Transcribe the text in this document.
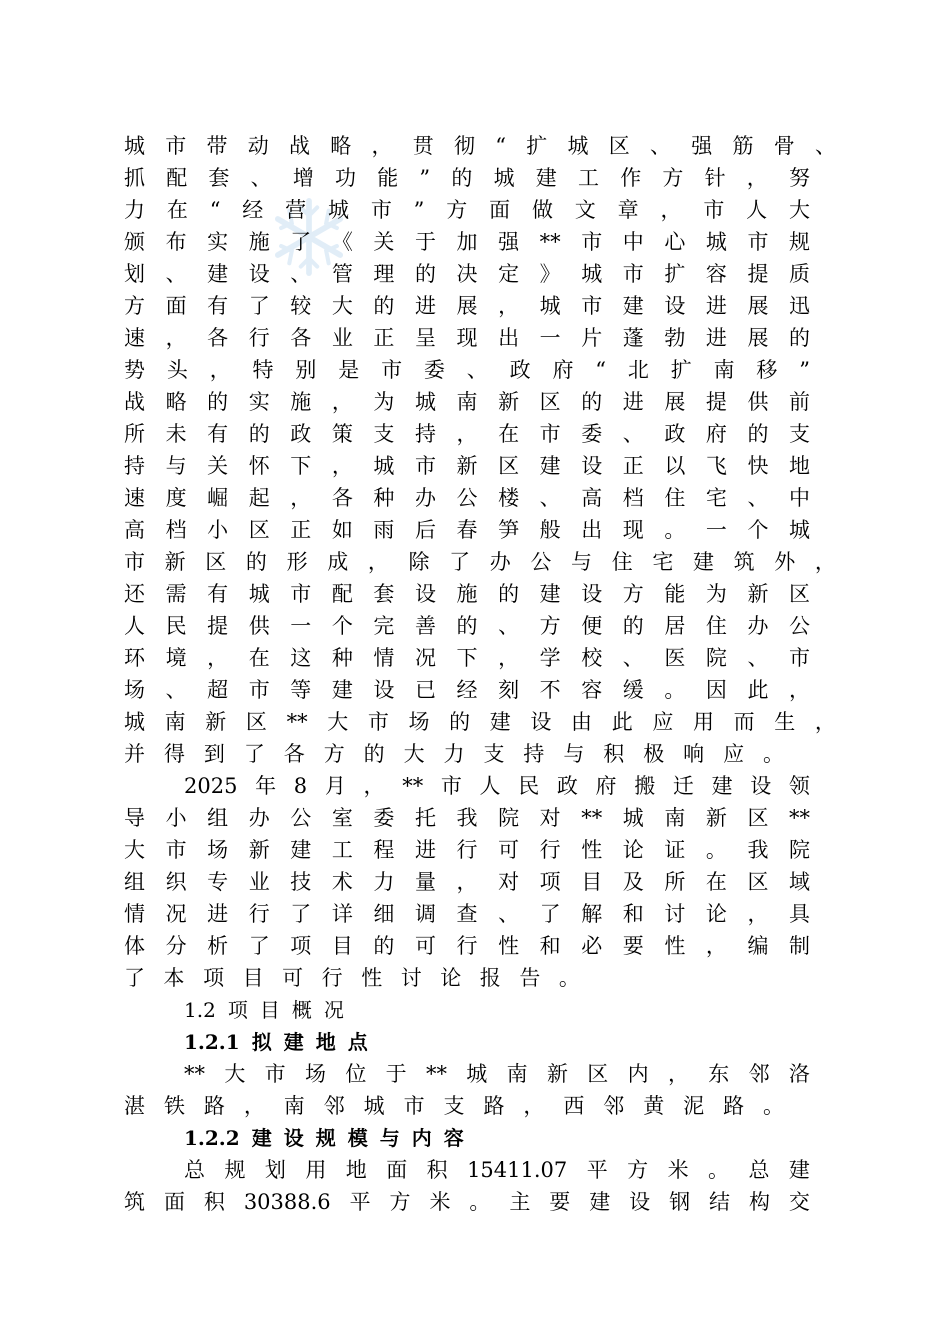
城 市 带 动 战 略 ， 贯 彻 “ 扩 城 区 、 强 筋 骨 、
抓 配 套 、 增 功 能 ” 的 城 建 工 作 方 针 ， 努
力 在 “ 经 营 城 市 ” 方 面 做 文 章 ， 市 人 大
颁 布 实 施 了 《 关 于 加 强 ** 市 中 心 城 市 规
划 、 建 设 、 管 理 的 决 定 》 城 市 扩 容 提 质
方 面 有 了 较 大 的 进 展 ， 城 市 建 设 进 展 迅
速 ， 各 行 各 业 正 呈 现 出 一 片 蓬 勃 进 展 的
势 头 ， 特 别 是 市 委 、 政 府 “ 北 扩 南 移 ”
战 略 的 实 施 ， 为 城 南 新 区 的 进 展 提 供 前
所 未 有 的 政 策 支 持 ， 在 市 委 、 政 府 的 支
持 与 关 怀 下 ， 城 市 新 区 建 设 正 以 飞 快 地
速 度 崛 起 ， 各 种 办 公 楼 、 高 档 住 宅 、 中
高 档 小 区 正 如 雨 后 春 笋 般 出 现 。 一 个 城
市 新 区 的 形 成 ， 除 了 办 公 与 住 宅 建 筑 外 ，
还 需 有 城 市 配 套 设 施 的 建 设 方 能 为 新 区
人 民 提 供 一 个 完 善 的 、 方 便 的 居 住 办 公
环 境 ， 在 这 种 情 况 下 ， 学 校 、 医 院 、 市
场 、 超 市 等 建 设 已 经 刻 不 容 缓 。 因 此 ，
城 南 新 区 ** 大 市 场 的 建 设 由 此 应 用 而 生 ，
并 得 到 了 各 方 的 大 力 支 持 与 积 极 响 应 。
2025 年 8 月 ， ** 市 人 民 政 府 搬 迁 建 设 领
导 小 组 办 公 室 委 托 我 院 对 ** 城 南 新 区 **
大 市 场 新 建 工 程 进 行 可 行 性 论 证 。 我 院
组 织 专 业 技 术 力 量 ， 对 项 目 及 所 在 区 域
情 况 进 行 了 详 细 调 查 、 了 解 和 讨 论 ， 具
体 分 析 了 项 目 的 可 行 性 和 必 要 性 ， 编 制
了 本 项 目 可 行 性 讨 论 报 告 。
1.2 项 目 概 况
1.2.1 拟 建 地 点
** 大 市 场 位 于 ** 城 南 新 区 内 ， 东 邻 洛
湛 铁 路 ， 南 邻 城 市 支 路 ， 西 邻 黄 泥 路 。
1.2.2 建 设 规 模 与 内 容
总 规 划 用 地 面 积 15411.07 平 方 米 。 总 建
筑 面 积 30388.6 平 方 米 。 主 要 建 设 钢 结 构 交
